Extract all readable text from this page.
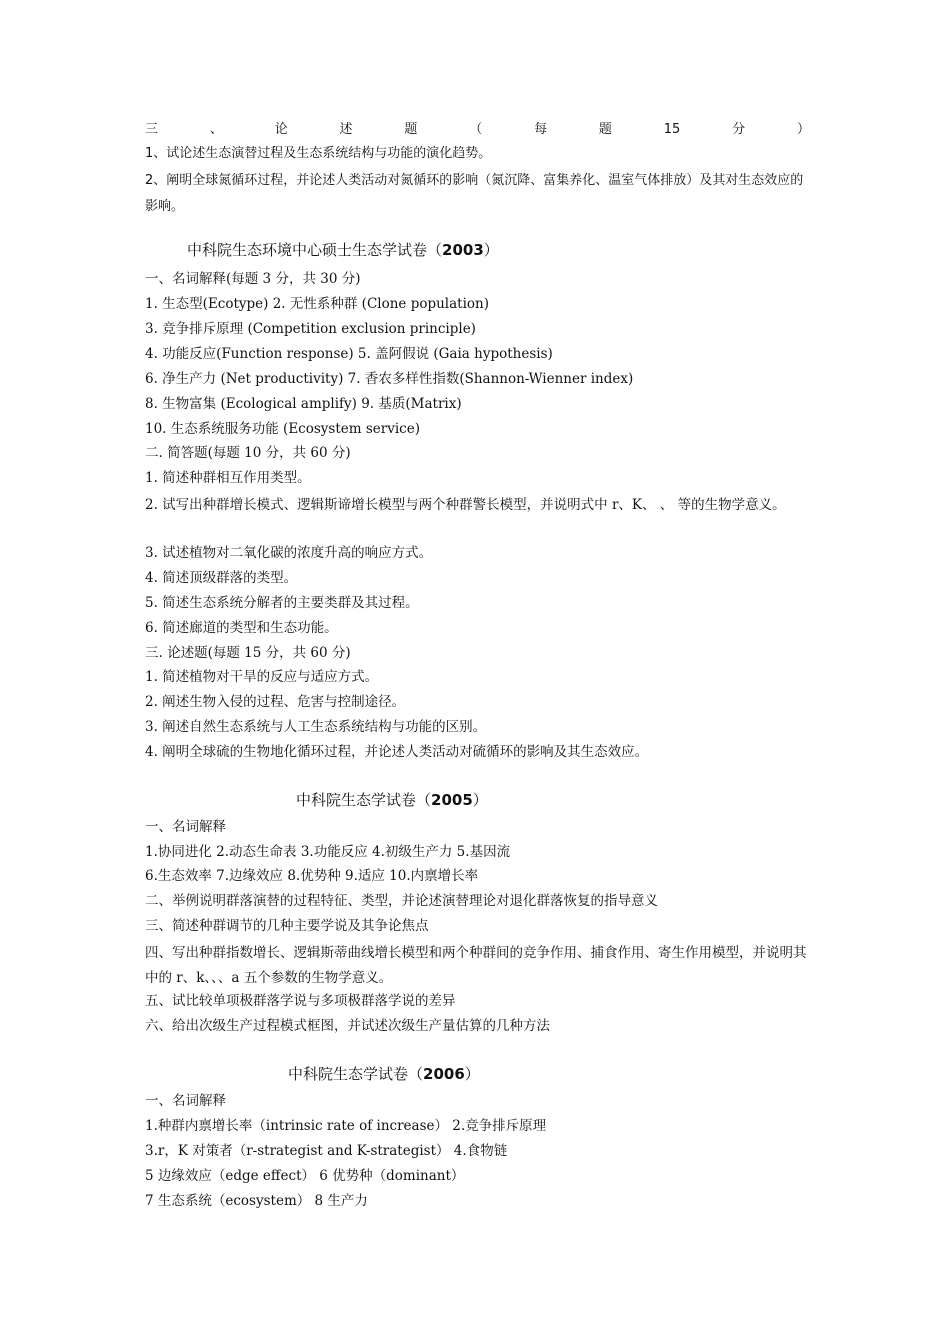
三	、	论	述	题	（	每	题	15	分	）
1、试论述生态演替过程及生态系统结构与功能的演化趋势。
2、阐明全球氮循环过程，并论述人类活动对氮循环的影响（氮沉降、富集养化、温室气体排放）及其对生态效应的影响。
中科院生态环境中心硕士生态学试卷（2003）
一、名词解释(每题 3 分，共 30 分)
1. 生态型(Ecotype) 2. 无性系种群 (Clone population)
3. 竞争排斥原理 (Competition exclusion principle)
4. 功能反应(Function response) 5. 盖阿假说 (Gaia hypothesis)
6. 净生产力 (Net productivity) 7. 香农多样性指数(Shannon-Wienner index)
8. 生物富集 (Ecological amplify) 9. 基质(Matrix)
10. 生态系统服务功能 (Ecosystem service)
二. 简答题(每题 10 分，共 60 分)
1. 简述种群相互作用类型。
2. 试写出种群增长模式、逻辑斯谛增长模型与两个种群警长模型，并说明式中 r、K、 、 等的生物学意义。
3. 试述植物对二氧化碳的浓度升高的响应方式。
4. 简述顶级群落的类型。
5. 简述生态系统分解者的主要类群及其过程。
6. 简述廊道的类型和生态功能。
三. 论述题(每题 15 分，共 60 分)
1. 简述植物对干旱的反应与适应方式。
2. 阐述生物入侵的过程、危害与控制途径。
3. 阐述自然生态系统与人工生态系统结构与功能的区别。
4. 阐明全球硫的生物地化循环过程，并论述人类活动对硫循环的影响及其生态效应。
中科院生态学试卷（2005）
一、名词解释
1.协同进化 2.动态生命表 3.功能反应 4.初级生产力 5.基因流
6.生态效率 7.边缘效应 8.优势种 9.适应 10.内禀增长率
二、举例说明群落演替的过程特征、类型，并论述演替理论对退化群落恢复的指导意义
三、简述种群调节的几种主要学说及其争论焦点
四、写出种群指数增长、逻辑斯蒂曲线增长模型和两个种群间的竞争作用、捕食作用、寄生作用模型，并说明其中的 r、k、、、a 五个参数的生物学意义。
五、试比较单项极群落学说与多项极群落学说的差异
六、给出次级生产过程模式框图，并试述次级生产量估算的几种方法
中科院生态学试卷（2006）
一、名词解释
1.种群内禀增长率（intrinsic rate of increase） 2.竞争排斥原理
3.r，K 对策者（r-strategist and K-strategist） 4.食物链
5 边缘效应（edge effect） 6 优势种（dominant）
7 生态系统（ecosystem） 8 生产力
